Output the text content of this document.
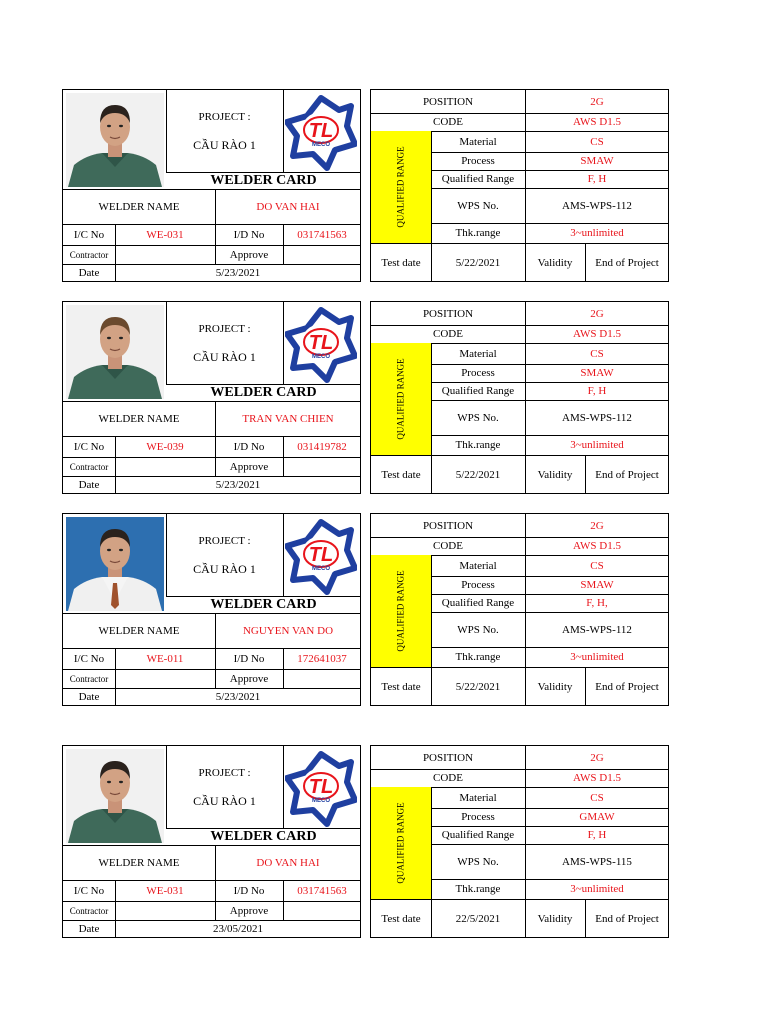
PROJECT :
CẦU RÀO 1
TL
MECO
WELDER CARD
WELDER NAME	DO VAN HAI
I/C No	WE-031	I/D No	031741563
Contractor	Approve
Date	5/23/2021
POSITION	2G
CODE	AWS D1.5
QUALIFIED RANGE
Material	CS
Process	SMAW
Qualified Range	F, H
WPS No.	AMS-WPS-112
Thk.range	3~unlimited
Test date	5/22/2021	Validity	End of Project
PROJECT :
CẦU RÀO 1
TL
MECO
WELDER CARD
WELDER NAME	TRAN VAN CHIEN
I/C No	WE-039	I/D No	031419782
Contractor	Approve
Date	5/23/2021
POSITION	2G
CODE	AWS D1.5
QUALIFIED RANGE
Material	CS
Process	SMAW
Qualified Range	F, H
WPS No.	AMS-WPS-112
Thk.range	3~unlimited
Test date	5/22/2021	Validity	End of Project
PROJECT :
CẦU RÀO 1
TL
MECO
WELDER CARD
WELDER NAME	NGUYEN VAN DO
I/C No	WE-011	I/D No	172641037
Contractor	Approve
Date	5/23/2021
POSITION	2G
CODE	AWS D1.5
QUALIFIED RANGE
Material	CS
Process	SMAW
Qualified Range	F, H,
WPS No.	AMS-WPS-112
Thk.range	3~unlimited
Test date	5/22/2021	Validity	End of Project
PROJECT :
CẦU RÀO 1
TL
MECO
WELDER CARD
WELDER NAME	DO VAN HAI
I/C No	WE-031	I/D No	031741563
Contractor	Approve
Date	23/05/2021
POSITION	2G
CODE	AWS D1.5
QUALIFIED RANGE
Material	CS
Process	GMAW
Qualified Range	F, H
WPS No.	AMS-WPS-115
Thk.range	3~unlimited
Test date	22/5/2021	Validity	End of Project
